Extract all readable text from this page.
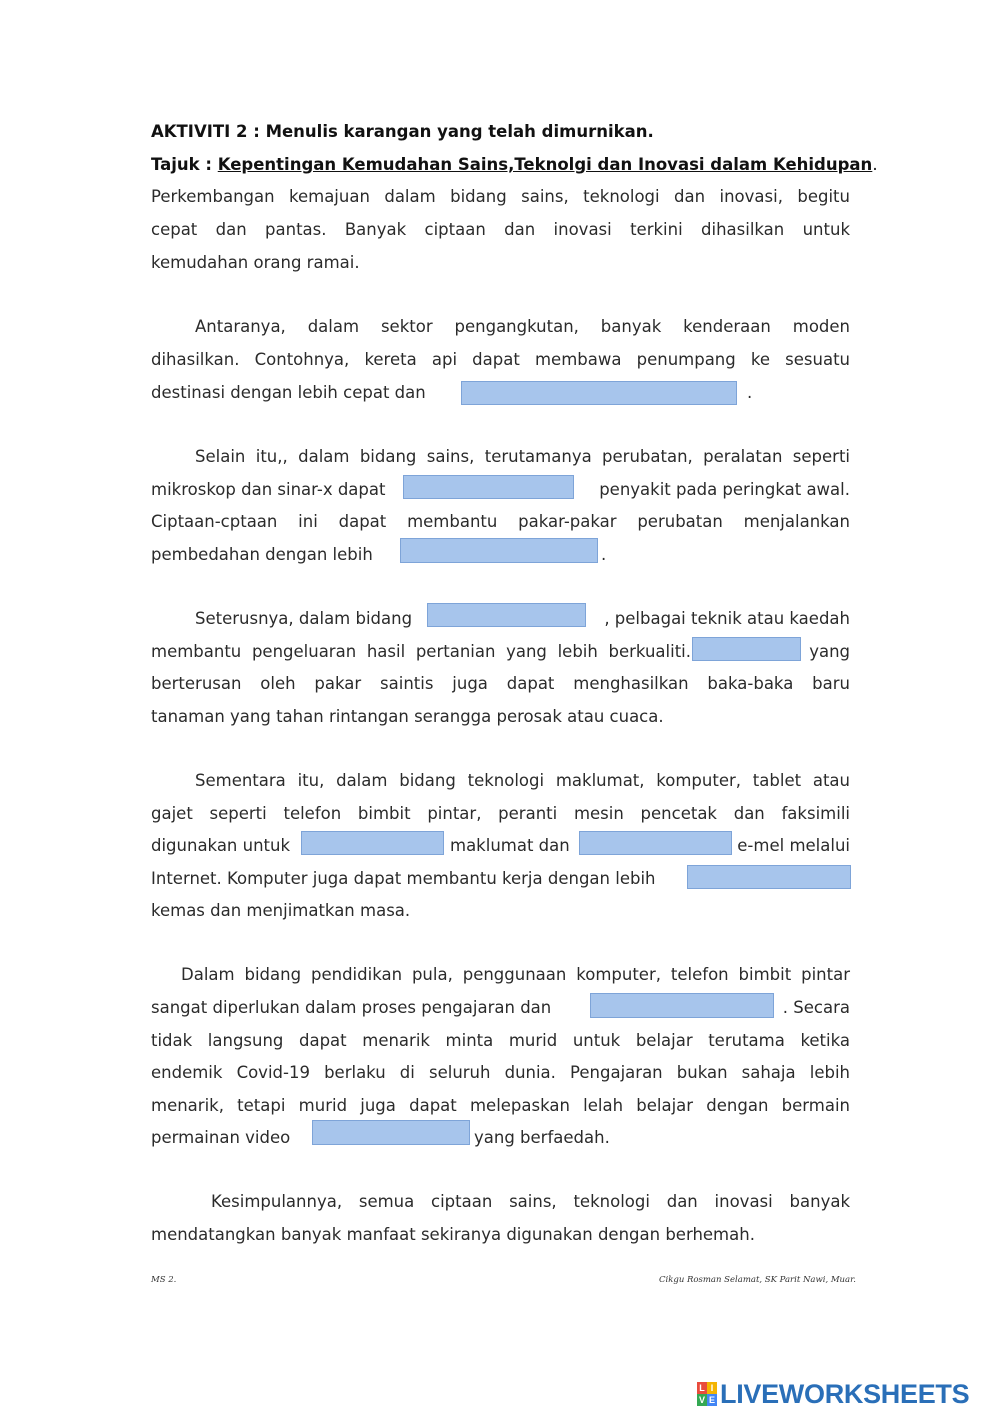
AKTIVITI 2 : Menulis karangan yang telah dimurnikan.
Tajuk : Kepentingan Kemudahan Sains,Teknolgi dan Inovasi dalam Kehidupan.
Perkembangan kemajuan dalam bidang sains, teknologi dan inovasi, begitu
cepat dan pantas. Banyak ciptaan dan inovasi terkini dihasilkan untuk
kemudahan orang ramai.
Antaranya, dalam sektor pengangkutan, banyak kenderaan moden
dihasilkan. Contohnya, kereta api dapat membawa penumpang ke sesuatu
destinasi dengan lebih cepat dan	.
Selain itu,, dalam bidang sains, terutamanya perubatan, peralatan seperti
mikroskop dan sinar-x dapat	penyakit pada peringkat awal.
Ciptaan-cptaan ini dapat membantu pakar-pakar perubatan menjalankan
pembedahan dengan lebih	.
Seterusnya, dalam bidang	, pelbagai teknik atau kaedah
membantu pengeluaran hasil pertanian yang lebih berkualiti.	yang
berterusan oleh pakar saintis juga dapat menghasilkan baka-baka baru
tanaman yang tahan rintangan serangga perosak atau cuaca.
Sementara itu, dalam bidang teknologi maklumat, komputer, tablet atau
gajet seperti telefon bimbit pintar, peranti mesin pencetak dan faksimili
digunakan untuk	maklumat dan	e-mel melalui
Internet. Komputer juga dapat membantu kerja dengan lebih
kemas dan menjimatkan masa.
Dalam bidang pendidikan pula, penggunaan komputer, telefon bimbit pintar
sangat diperlukan dalam proses pengajaran dan	. Secara
tidak langsung dapat menarik minta murid untuk belajar terutama ketika
endemik Covid-19 berlaku di seluruh dunia. Pengajaran bukan sahaja lebih
menarik, tetapi murid juga dapat melepaskan lelah belajar dengan bermain
permainan video	yang berfaedah.
Kesimpulannya, semua ciptaan sains, teknologi dan inovasi banyak
mendatangkan banyak manfaat sekiranya digunakan dengan berhemah.
MS 2.	Cikgu Rosman Selamat, SK Parit Nawi, Muar.
L I
V E LIVEWORKSHEETS
